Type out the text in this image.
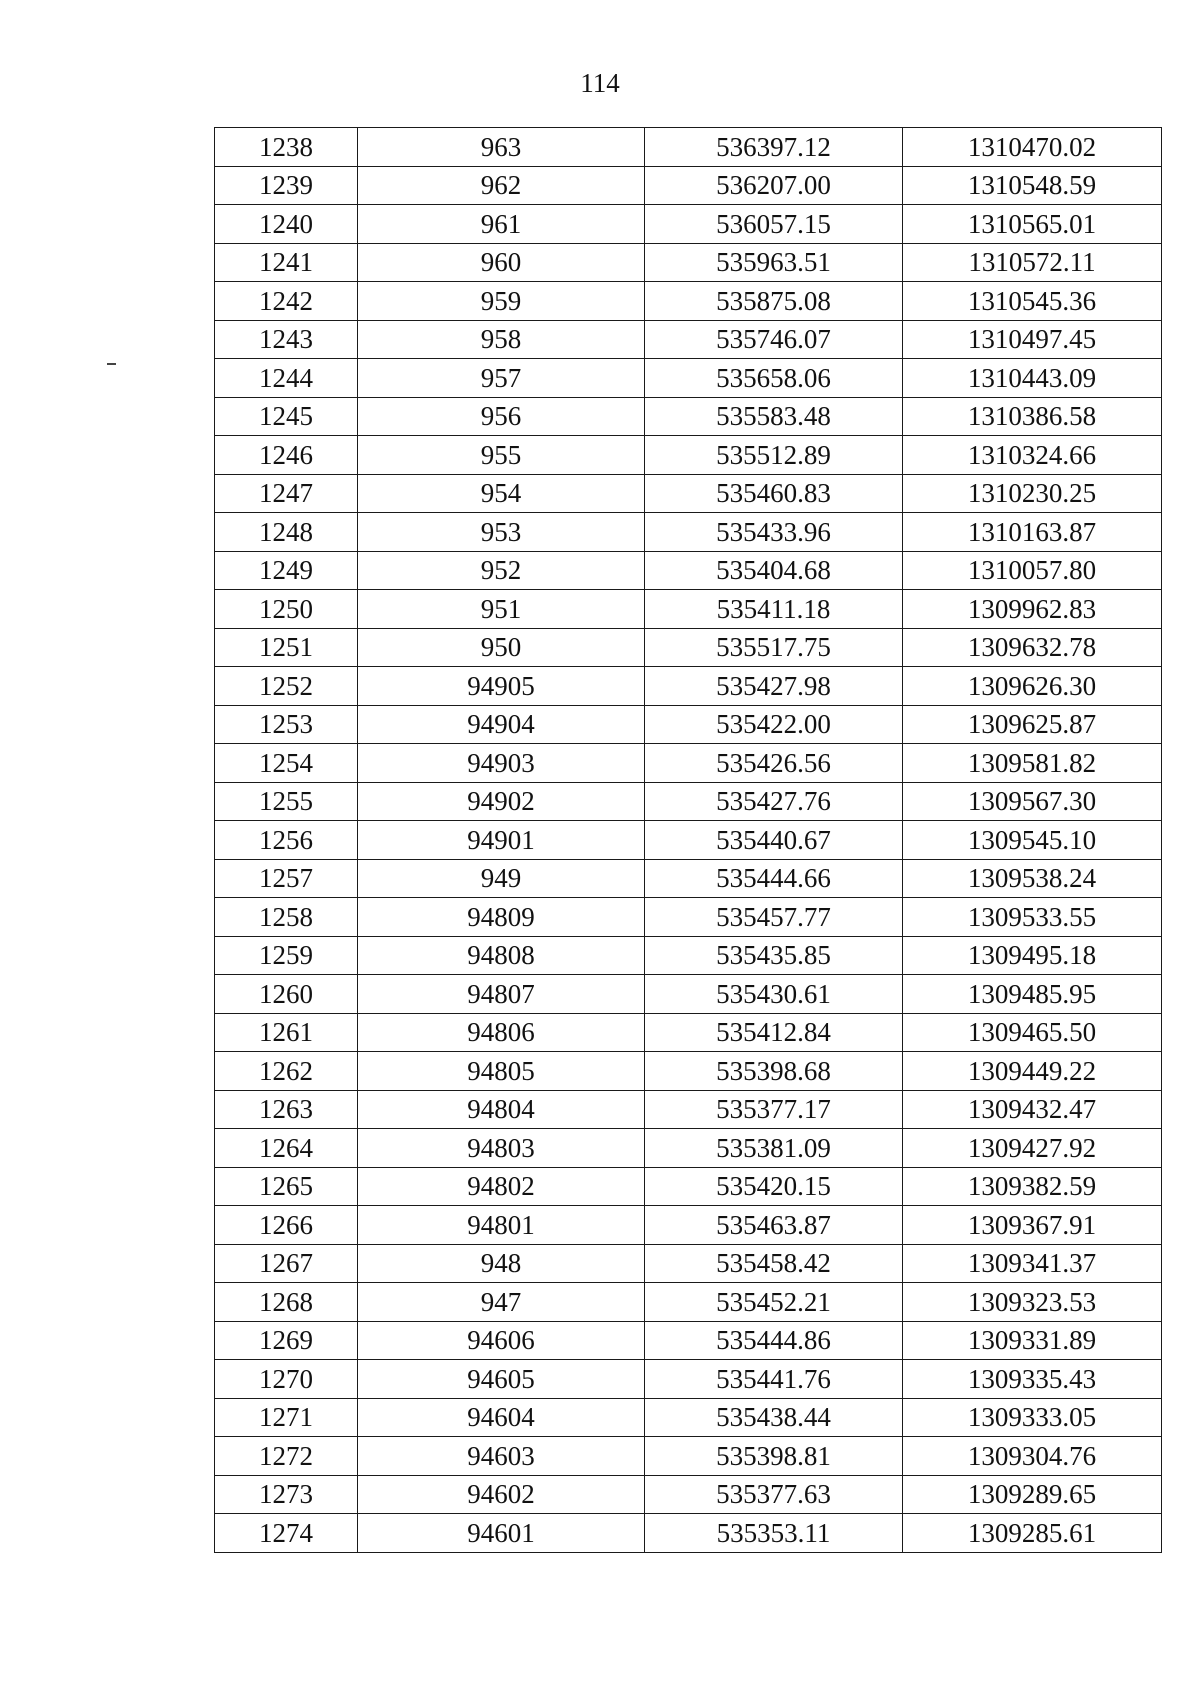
114
1238	963	536397.12	1310470.02
1239	962	536207.00	1310548.59
1240	961	536057.15	1310565.01
1241	960	535963.51	1310572.11
1242	959	535875.08	1310545.36
1243	958	535746.07	1310497.45
1244	957	535658.06	1310443.09
1245	956	535583.48	1310386.58
1246	955	535512.89	1310324.66
1247	954	535460.83	1310230.25
1248	953	535433.96	1310163.87
1249	952	535404.68	1310057.80
1250	951	535411.18	1309962.83
1251	950	535517.75	1309632.78
1252	94905	535427.98	1309626.30
1253	94904	535422.00	1309625.87
1254	94903	535426.56	1309581.82
1255	94902	535427.76	1309567.30
1256	94901	535440.67	1309545.10
1257	949	535444.66	1309538.24
1258	94809	535457.77	1309533.55
1259	94808	535435.85	1309495.18
1260	94807	535430.61	1309485.95
1261	94806	535412.84	1309465.50
1262	94805	535398.68	1309449.22
1263	94804	535377.17	1309432.47
1264	94803	535381.09	1309427.92
1265	94802	535420.15	1309382.59
1266	94801	535463.87	1309367.91
1267	948	535458.42	1309341.37
1268	947	535452.21	1309323.53
1269	94606	535444.86	1309331.89
1270	94605	535441.76	1309335.43
1271	94604	535438.44	1309333.05
1272	94603	535398.81	1309304.76
1273	94602	535377.63	1309289.65
1274	94601	535353.11	1309285.61
